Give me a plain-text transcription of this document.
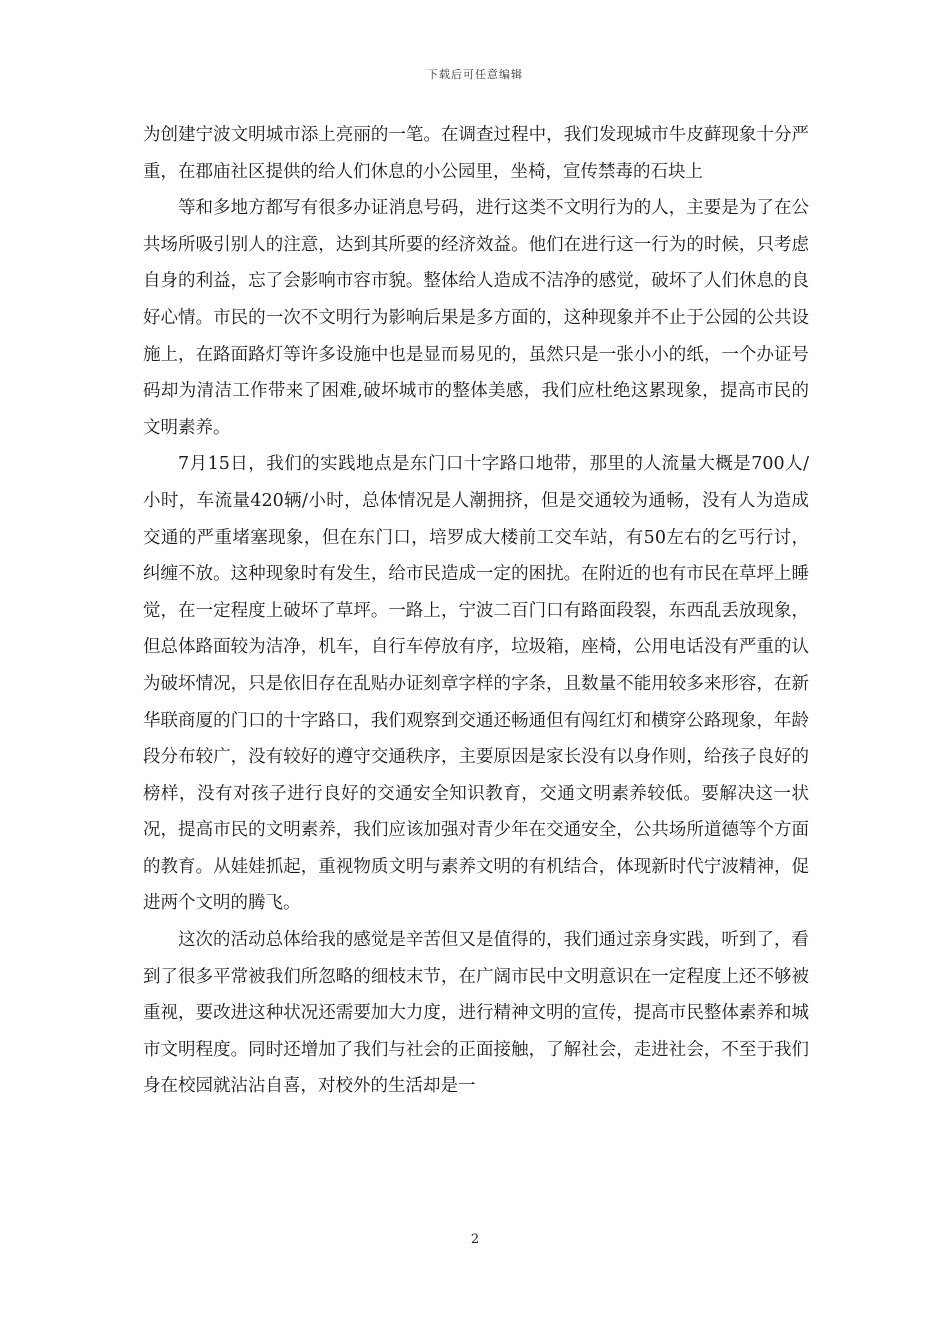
下载后可任意编辑

为创建宁波文明城市添上亮丽的一笔。在调查过程中，我们发现城市牛皮藓现象十分严重，在郡庙社区提供的给人们休息的小公园里，坐椅，宣传禁毒的石块上

等和多地方都写有很多办证消息号码，进行这类不文明行为的人，主要是为了在公共场所吸引别人的注意，达到其所要的经济效益。他们在进行这一行为的时候，只考虑自身的利益，忘了会影响市容市貌。整体给人造成不洁净的感觉，破坏了人们休息的良好心情。市民的一次不文明行为影响后果是多方面的，这种现象并不止于公园的公共设施上，在路面路灯等许多设施中也是显而易见的，虽然只是一张小小的纸，一个办证号码却为清洁工作带来了困难,破坏城市的整体美感，我们应杜绝这累现象，提高市民的文明素养。

7月15日，我们的实践地点是东门口十字路口地带，那里的人流量大概是700人/小时，车流量420辆/小时，总体情况是人潮拥挤，但是交通较为通畅，没有人为造成交通的严重堵塞现象，但在东门口，培罗成大楼前工交车站，有50左右的乞丐行讨，纠缠不放。这种现象时有发生，给市民造成一定的困扰。在附近的也有市民在草坪上睡觉，在一定程度上破坏了草坪。一路上，宁波二百门口有路面段裂，东西乱丢放现象，但总体路面较为洁净，机车，自行车停放有序，垃圾箱，座椅，公用电话没有严重的认为破坏情况，只是依旧存在乱贴办证刻章字样的字条，且数量不能用较多来形容，在新华联商厦的门口的十字路口，我们观察到交通还畅通但有闯红灯和横穿公路现象，年龄段分布较广，没有较好的遵守交通秩序，主要原因是家长没有以身作则，给孩子良好的榜样，没有对孩子进行良好的交通安全知识教育，交通文明素养较低。要解决这一状况，提高市民的文明素养，我们应该加强对青少年在交通安全，公共场所道德等个方面的教育。从娃娃抓起，重视物质文明与素养文明的有机结合，体现新时代宁波精神，促进两个文明的腾飞。

这次的活动总体给我的感觉是辛苦但又是值得的，我们通过亲身实践，听到了，看到了很多平常被我们所忽略的细枝末节，在广阔市民中文明意识在一定程度上还不够被重视，要改进这种状况还需要加大力度，进行精神文明的宣传，提高市民整体素养和城市文明程度。同时还增加了我们与社会的正面接触，了解社会，走进社会，不至于我们身在校园就沾沾自喜，对校外的生活却是一

2
